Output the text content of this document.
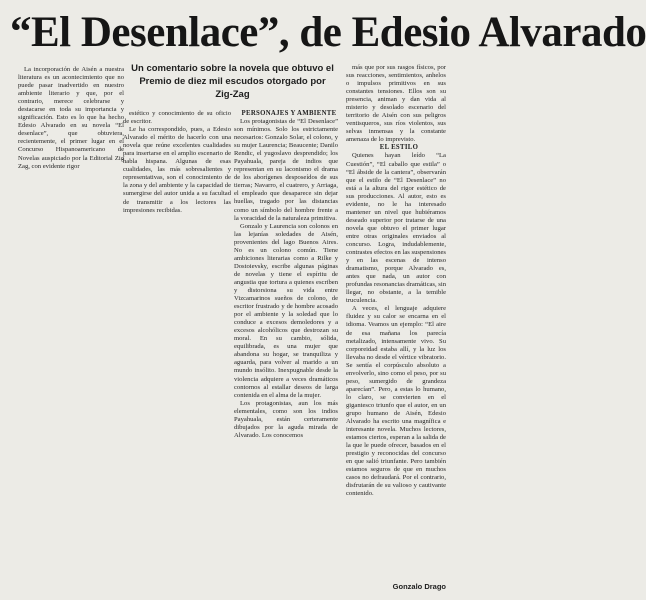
“El Desenlace”, de Edesio Alvarado
Un comentario sobre la novela que obtuvo el Premio de diez mil escudos otorgado por Zig-Zag

La incorporación de Aisén a nuestra literatura es un acontecimiento que no puede pasar inadvertido en nuestro ambiente literario y que, por el contrario, merece celebrarse y destacarse en toda su importancia y significación. Esto es lo que ha hecho Edesio Alvarado en su novela “El desenlace”, que obtuviera, recientemente, el primer lugar en el Concurso Hispanoamericano de Novelas auspiciado por la Editorial Zig Zag, con evidente rigor

estético y conocimiento de su oficio de escritor.

Le ha correspondido, pues, a Edesio Alvarado el mérito de hacerlo con una novela que reúne excelentes cualidades para insertarse en el amplio escenario de habla hispana. Algunas de esas cualidades, las más sobresalientes y representativas, son el conocimiento de la zona y del ambiente y la capacidad de sumergirse del autor unida a su facultad de transmitir a los lectores las impresiones recibidas.

PERSONAJES Y AMBIENTE

Los protagonistas de “El Desenlace” son mínimos. Solo los estrictamente necesarios: Gonzalo Solar, el colono, y su mujer Laurencia; Beaucente; Danilo Rendic, el yugoslavo desprendido; los Payahuala, pareja de indios que representan en su laconismo el drama de los aborígenes desposeídos de sus tierras; Navarro, el cuatrero, y Arriaga, el empleado que desaparece sin dejar huellas, tragado por las distancias como un símbolo del hombre frente a la voracidad de la naturaleza primitiva.

Gonzalo y Laurencia son colonos en las lejanías soledades de Aisén, provenientes del lago Buenos Aires. No es un colono común. Tiene ambiciones literarias como a Rilke y Dostoievsky, escribe algunas páginas de novelas y tiene el espíritu de angustia que tortura a quienes escriben y distorsiona su vida entre Vizcamarinos sueños de colono, de escritor frustrado y de hombre acosado por el ambiente y la soledad que lo conduce a excesos demoledores y a excesos alcohólicos que destrozan su moral. En su cambio, sólida, equilibrada, es una mujer que abandona su hogar, se tranquiliza y aguarda, para volver al marido a un mundo insólito. Inexpugnable desde la violencia adquiere a veces dramáticos contornos al estallar deseos de larga contenida en el alma de la mujer.

Los protagonistas, aun los más elementales, como son los indios Payahuala, están certeramente dibujados por la aguda mirada de Alvarado. Los conocemos

más que por sus rasgos físicos, por sus reacciones, sentimientos, anhelos o impulsos primitivos en sus constantes tensiones. Ellos son su presencia, animan y dan vida al misterio y desolado escenario del territorio de Aisén con sus peligros ventisqueros, sus ríos violentos, sus selvas inmensas y la constante amenaza de lo imprevisto.

EL ESTILO

Quienes hayan leído “La Cuestión”, “El caballo que estila” o “El ábside de la cantera”, observarán que el estilo de “El Desenlace” no está a la altura del rigor estético de sus producciones. Al autor, esto es evidente, no le ha interesado mantener un nivel que hubiéramos deseado superior por tratarse de una novela que obtuvo el primer lugar entre otras originales enviados al concurso. Logra, indudablemente, contrastes efectos en las suspensiones y en las escenas de intenso dramatismo, porque Alvarado es, antes que nada, un autor con profundas resonancias dramáticas, sin llegar, no obstante, a la temible truculencia.

A veces, el lenguaje adquiere fluidez y su calor se encarna en el idioma. Veamos un ejemplo: “El aire de esa mañana los parecía metalizado, intensamente vivo. Su corporeidad estaba allí, y la luz los llevaba no desde el vértice vibratorio. Se sentía el corpúsculo absoluto a envolverlo, sino como el peso, por su peso, sumergido de grandeza aparecían”. Pero, a estas lo humano, lo claro, se convierten en el gigantesco triunfo que el autor, en un grupo humano de Aisén, Edesio Alvarado ha escrito una magnífica e interesante novela. Muchos lectores, estamos ciertos, esperan a la salida de la que le puede ofrecer, basados en el prestigio y reconocidas del concurso en que salió triunfante. Pero también estamos seguros de que en muchos casos no defraudará. Por el contrario, disfrutarán de su valioso y cautivante contenido.

Gonzalo Drago
